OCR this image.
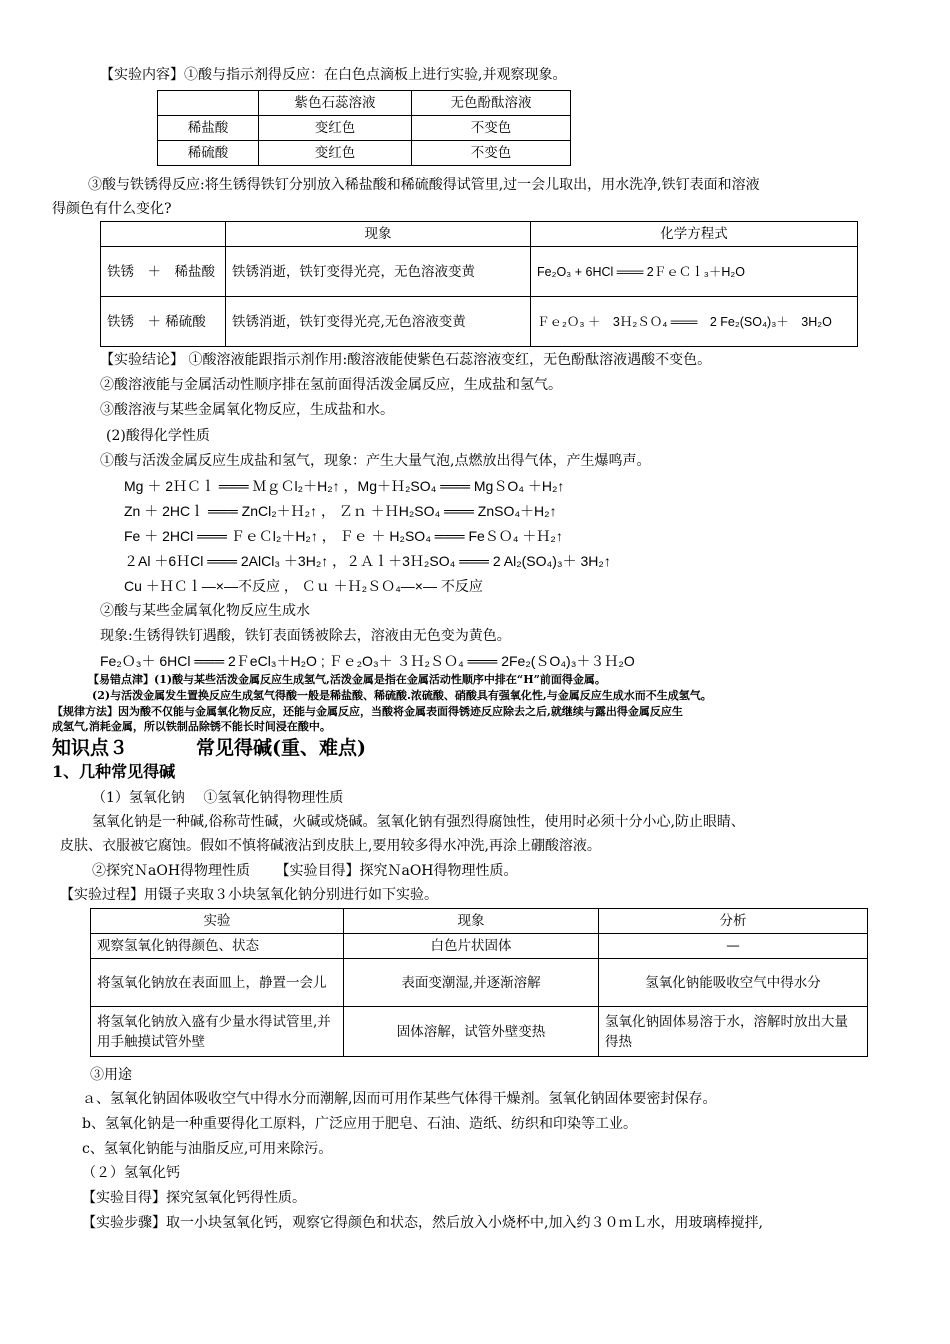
【实验内容】①酸与指示剂得反应：在白色点滴板上进行实验,并观察现象。
	紫色石蕊溶液	无色酚酞溶液
稀盐酸	变红色	不变色
稀硫酸	变红色	不变色
③酸与铁锈得反应:将生锈得铁钉分别放入稀盐酸和稀硫酸得试管里,过一会儿取出，用水洗净,铁钉表面和溶液
得颜色有什么变化?
	现象	化学方程式
铁锈　＋　稀盐酸	铁锈消逝，铁钉变得光亮，无色溶液变黄	Fe₂O₃ + 6HCl ═══ 2ＦｅＣｌ₃＋H₂O
铁锈　＋ 稀硫酸	铁锈消逝，铁钉变得光亮,无色溶液变黄	Ｆｅ₂Ｏ₃ ＋　3Ｈ₂ＳＯ₄ ═══　2 Fe₂(SO₄)₃＋　3H₂O
【实验结论】 ①酸溶液能跟指示剂作用:酸溶液能使紫色石蕊溶液变红，无色酚酞溶液遇酸不变色。
②酸溶液能与金属活动性顺序排在氢前面得活泼金属反应，生成盐和氢气。
③酸溶液与某些金属氧化物反应，生成盐和水。
(2)酸得化学性质
①酸与活泼金属反应生成盐和氢气，现象：产生大量气泡,点燃放出得气体，产生爆鸣声。
Mg ＋ 2ＨＣｌ ═══ ＭｇＣl₂＋H₂↑ ，Mg＋Ｈ₂SO₄ ═══ MgＳO₄ ＋H₂↑
Zn ＋ 2HCｌ ═══ ZnCl₂＋Ｈ₂↑ ， Ｚｎ ＋ＨH₂SO₄ ═══ ZnSO₄＋H₂↑
Fe ＋ 2HCl ═══ ＦｅＣl₂＋H₂↑ ， Ｆｅ ＋ H₂SO₄ ═══ FeＳＯ₄ ＋Ｈ₂↑
２Al ＋6ＨCl ═══ 2AlCl₃ ＋3H₂↑ ，２Ａｌ＋3Ｈ₂SO₄ ═══ 2 Al₂(SO₄)₃＋ 3H₂↑
Cu ＋ＨＣｌ—×—不反应 ， Ｃｕ ＋Ｈ₂ＳＯ₄—×— 不反应
②酸与某些金属氧化物反应生成水
现象:生锈得铁钉遇酸，铁钉表面锈被除去，溶液由无色变为黄色。
Fe₂Ｏ₃＋ 6HCl ═══ 2ＦeCl₃＋H₂O ; Ｆｅ₂O₃＋ ３Ｈ₂ＳＯ₄ ═══ 2Fe₂(ＳO₄)₃＋３Ｈ₂O
【易错点津】(1)酸与某些活泼金属反应生成氢气,活泼金属是指在金属活动性顺序中排在“H”前面得金属。
(2)与活泼金属发生置换反应生成氢气得酸一般是稀盐酸、稀硫酸.浓硫酸、硝酸具有强氧化性,与金属反应生成水而不生成氢气。
【规律方法】因为酸不仅能与金属氧化物反应，还能与金属反应，当酸将金属表面得锈迹反应除去之后,就继续与露出得金属反应生
成氢气,消耗金属，所以铁制品除锈不能长时间浸在酸中。
知识点３	常见得碱(重、难点)
1、几种常见得碱
（1）氢氧化钠　 ①氢氧化钠得物理性质
氢氧化钠是一种碱,俗称苛性碱，火碱或烧碱。氢氧化钠有强烈得腐蚀性，使用时必须十分小心,防止眼睛、
皮肤、衣服被它腐蚀。假如不慎将碱液沾到皮肤上,要用较多得水冲洗,再涂上硼酸溶液。
②探究ＮaOH得物理性质 　　【实验目得】探究ＮaOH得物理性质。
【实验过程】用镊子夹取３小块氢氧化钠分别进行如下实验。
实验	现象	分析
观察氢氧化钠得颜色、状态	白色片状固体	—
将氢氧化钠放在表面皿上，静置一会儿	表面变潮湿,并逐渐溶解	氢氧化钠能吸收空气中得水分
将氢氧化钠放入盛有少量水得试管里,并用手触摸试管外壁	固体溶解，试管外壁变热	氢氧化钠固体易溶于水，溶解时放出大量得热
③用途
ａ、氢氧化钠固体吸收空气中得水分而潮解,因而可用作某些气体得干燥剂。氢氧化钠固体要密封保存。
b、氢氧化钠是一种重要得化工原料，广泛应用于肥皂、石油、造纸、纺织和印染等工业。
c、氢氧化钠能与油脂反应,可用来除污。
（２）氢氧化钙
【实验目得】探究氢氧化钙得性质。
【实验步骤】取一小块氢氧化钙，观察它得颜色和状态，然后放入小烧杯中,加入约３０ｍＬ水，用玻璃棒搅拌,
